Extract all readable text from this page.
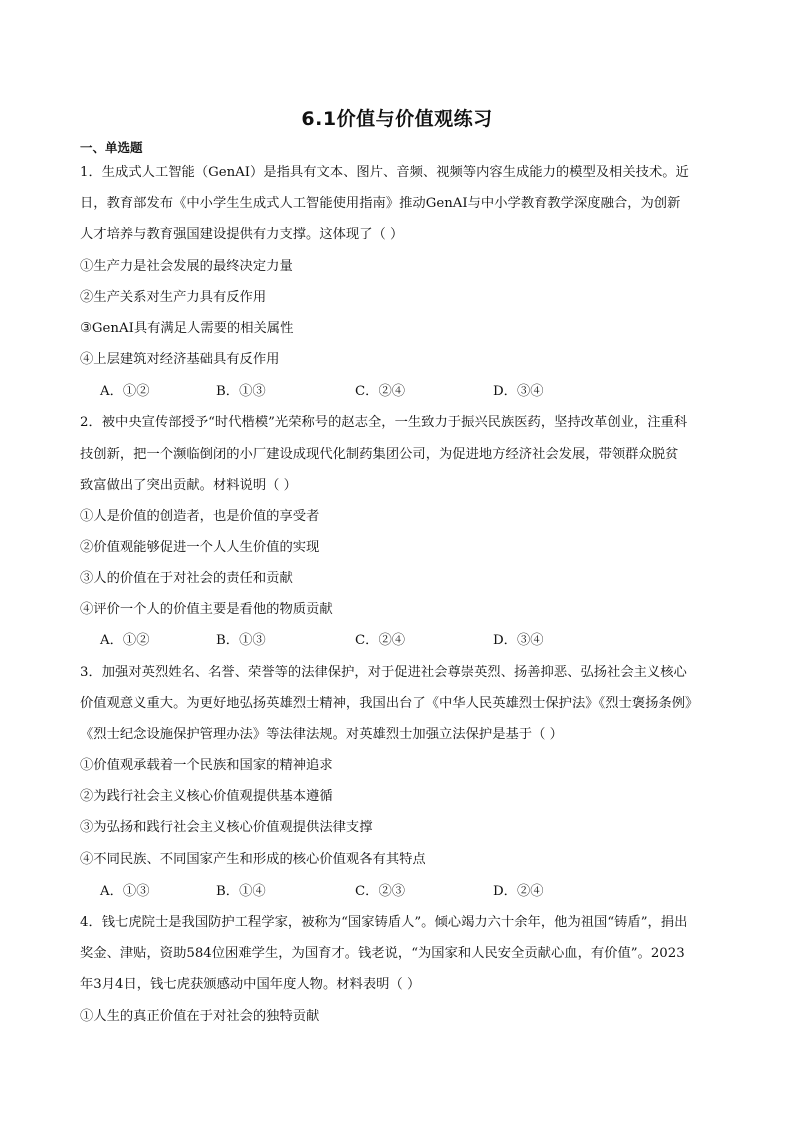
6.1价值与价值观练习
一、单选题
1．生成式人工智能（GenAI）是指具有文本、图片、音频、视频等内容生成能力的模型及相关技术。近
日，教育部发布《中小学生生成式人工智能使用指南》推动GenAI与中小学教育教学深度融合，为创新
人才培养与教育强国建设提供有力支撑。这体现了（ ）
①生产力是社会发展的最终决定力量
②生产关系对生产力具有反作用
③GenAI具有满足人需要的相关属性
④上层建筑对经济基础具有反作用
A．①②	B．①③	C．②④	D．③④
2．被中央宣传部授予“时代楷模”光荣称号的赵志全，一生致力于振兴民族医药，坚持改革创业，注重科
技创新，把一个濒临倒闭的小厂建设成现代化制药集团公司，为促进地方经济社会发展，带领群众脱贫
致富做出了突出贡献。材料说明（ ）
①人是价值的创造者，也是价值的享受者
②价值观能够促进一个人人生价值的实现
③人的价值在于对社会的责任和贡献
④评价一个人的价值主要是看他的物质贡献
A．①②	B．①③	C．②④	D．③④
3．加强对英烈姓名、名誉、荣誉等的法律保护，对于促进社会尊崇英烈、扬善抑恶、弘扬社会主义核心
价值观意义重大。为更好地弘扬英雄烈士精神，我国出台了《中华人民英雄烈士保护法》《烈士褒扬条例》
《烈士纪念设施保护管理办法》等法律法规。对英雄烈士加强立法保护是基于（ ）
①价值观承载着一个民族和国家的精神追求
②为践行社会主义核心价值观提供基本遵循
③为弘扬和践行社会主义核心价值观提供法律支撑
④不同民族、不同国家产生和形成的核心价值观各有其特点
A．①③	B．①④	C．②③	D．②④
4．钱七虎院士是我国防护工程学家，被称为“国家铸盾人”。倾心竭力六十余年，他为祖国“铸盾”，捐出
奖金、津贴，资助584位困难学生，为国育才。钱老说，“为国家和人民安全贡献心血，有价值”。2023
年3月4日，钱七虎获颁感动中国年度人物。材料表明（ ）
①人生的真正价值在于对社会的独特贡献
